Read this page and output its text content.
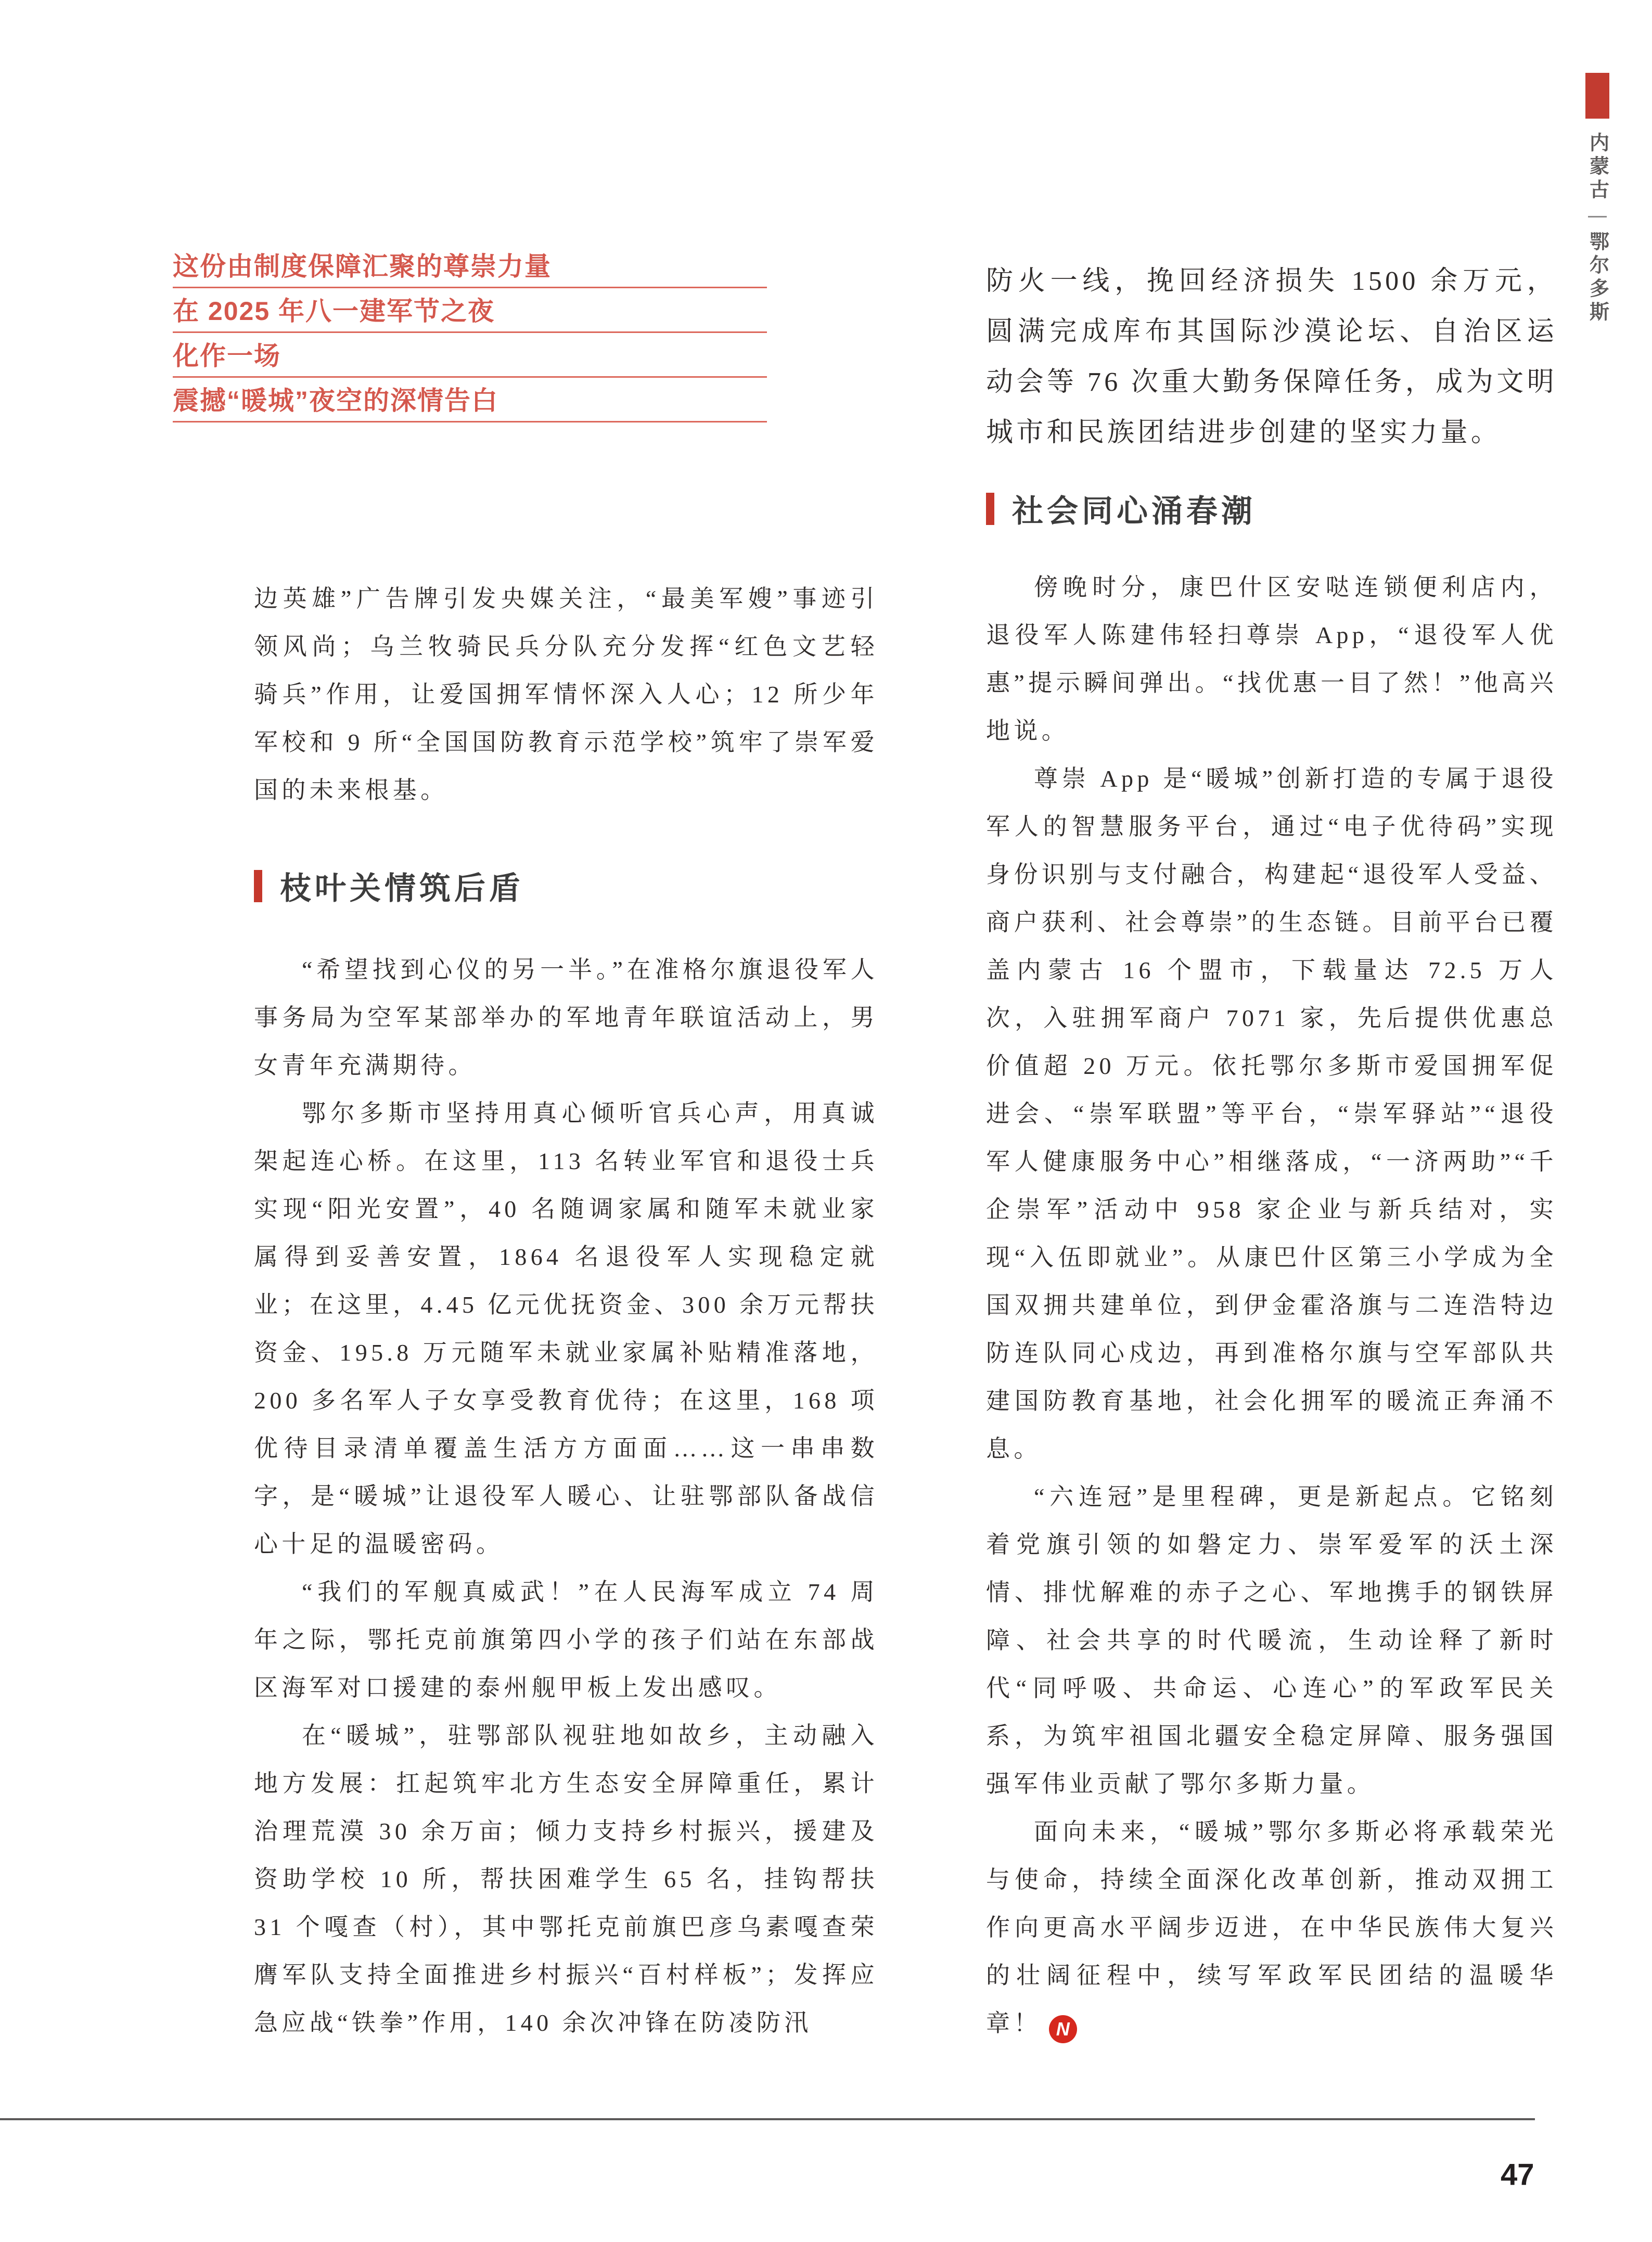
这份由制度保障汇聚的尊崇力量
在 2025 年八一建军节之夜
化作一场
震撼“暖城”夜空的深情告白

防火一线，挽回经济损失 1500 余万元，圆满完成库布其国际沙漠论坛、自治区运动会等 76 次重大勤务保障任务，成为文明城市和民族团结进步创建的坚实力量。

社会同心涌春潮

傍晚时分，康巴什区安哒连锁便利店内，退役军人陈建伟轻扫尊崇 App，“退役军人优惠”提示瞬间弹出。“找优惠一目了然！”他高兴地说。

尊崇 App 是“暖城”创新打造的专属于退役军人的智慧服务平台，通过“电子优待码”实现身份识别与支付融合，构建起“退役军人受益、商户获利、社会尊崇”的生态链。目前平台已覆盖内蒙古 16 个盟市，下载量达 72.5 万人次，入驻拥军商户 7071 家，先后提供优惠总价值超 20 万元。依托鄂尔多斯市爱国拥军促进会、“崇军联盟”等平台，“崇军驿站”“退役军人健康服务中心”相继落成，“一济两助”“千企崇军”活动中 958 家企业与新兵结对，实现“入伍即就业”。从康巴什区第三小学成为全国双拥共建单位，到伊金霍洛旗与二连浩特边防连队同心戍边，再到准格尔旗与空军部队共建国防教育基地，社会化拥军的暖流正奔涌不息。

“六连冠”是里程碑，更是新起点。它铭刻着党旗引领的如磐定力、崇军爱军的沃土深情、排忧解难的赤子之心、军地携手的钢铁屏障、社会共享的时代暖流，生动诠释了新时代“同呼吸、共命运、心连心”的军政军民关系，为筑牢祖国北疆安全稳定屏障、服务强国强军伟业贡献了鄂尔多斯力量。

面向未来，“暖城”鄂尔多斯必将承载荣光与使命，持续全面深化改革创新，推动双拥工作向更高水平阔步迈进，在中华民族伟大复兴的壮阔征程中，续写军政军民团结的温暖华章！ N

边英雄”广告牌引发央媒关注，“最美军嫂”事迹引领风尚；乌兰牧骑民兵分队充分发挥“红色文艺轻骑兵”作用，让爱国拥军情怀深入人心；12 所少年军校和 9 所“全国国防教育示范学校”筑牢了崇军爱国的未来根基。

枝叶关情筑后盾

“希望找到心仪的另一半。”在准格尔旗退役军人事务局为空军某部举办的军地青年联谊活动上，男女青年充满期待。

鄂尔多斯市坚持用真心倾听官兵心声，用真诚架起连心桥。在这里，113 名转业军官和退役士兵实现“阳光安置”，40 名随调家属和随军未就业家属得到妥善安置，1864 名退役军人实现稳定就业；在这里，4.45 亿元优抚资金、300 余万元帮扶资金、195.8 万元随军未就业家属补贴精准落地，200 多名军人子女享受教育优待；在这里，168 项优待目录清单覆盖生活方方面面……这一串串数字，是“暖城”让退役军人暖心、让驻鄂部队备战信心十足的温暖密码。

“我们的军舰真威武！”在人民海军成立 74 周年之际，鄂托克前旗第四小学的孩子们站在东部战区海军对口援建的泰州舰甲板上发出感叹。

在“暖城”，驻鄂部队视驻地如故乡，主动融入地方发展：扛起筑牢北方生态安全屏障重任，累计治理荒漠 30 余万亩；倾力支持乡村振兴，援建及资助学校 10 所，帮扶困难学生 65 名，挂钩帮扶 31 个嘎查（村），其中鄂托克前旗巴彦乌素嘎查荣膺军队支持全面推进乡村振兴“百村样板”；发挥应急应战“铁拳”作用，140 余次冲锋在防凌防汛

内蒙古
鄂尔多斯
47
